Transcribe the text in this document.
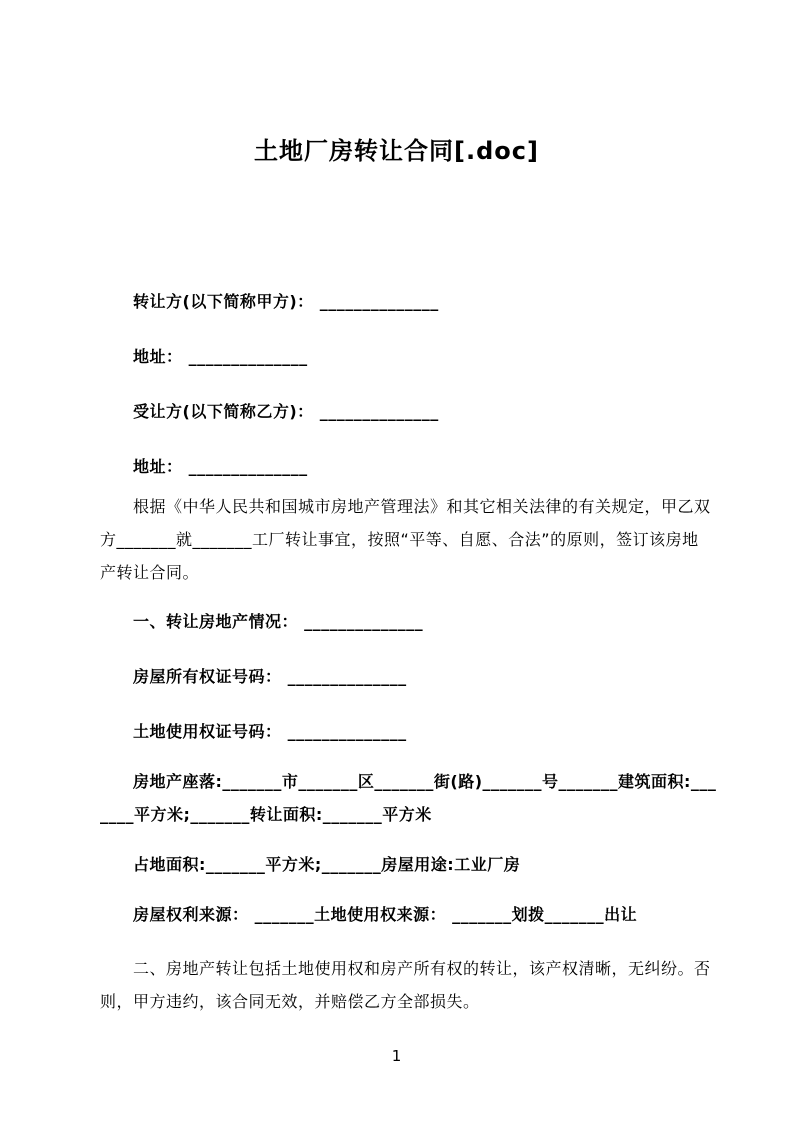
土地厂房转让合同[.doc]
转让方(以下简称甲方)： ______________
地址： ______________
受让方(以下简称乙方)： ______________
地址： ______________
根据《中华人民共和国城市房地产管理法》和其它相关法律的有关规定，甲乙双
方_______就_______工厂转让事宜，按照“平等、自愿、合法”的原则，签订该房地
产转让合同。
一、转让房地产情况： ______________
房屋所有权证号码： ______________
土地使用权证号码： ______________
房地产座落:_______市_______区_______街(路)_______号_______建筑面积:___
____平方米;_______转让面积:_______平方米
占地面积:_______平方米;_______房屋用途:工业厂房
房屋权利来源： _______土地使用权来源： _______划拨_______出让
二、房地产转让包括土地使用权和房产所有权的转让，该产权清晰，无纠纷。否
则，甲方违约，该合同无效，并赔偿乙方全部损失。
1
